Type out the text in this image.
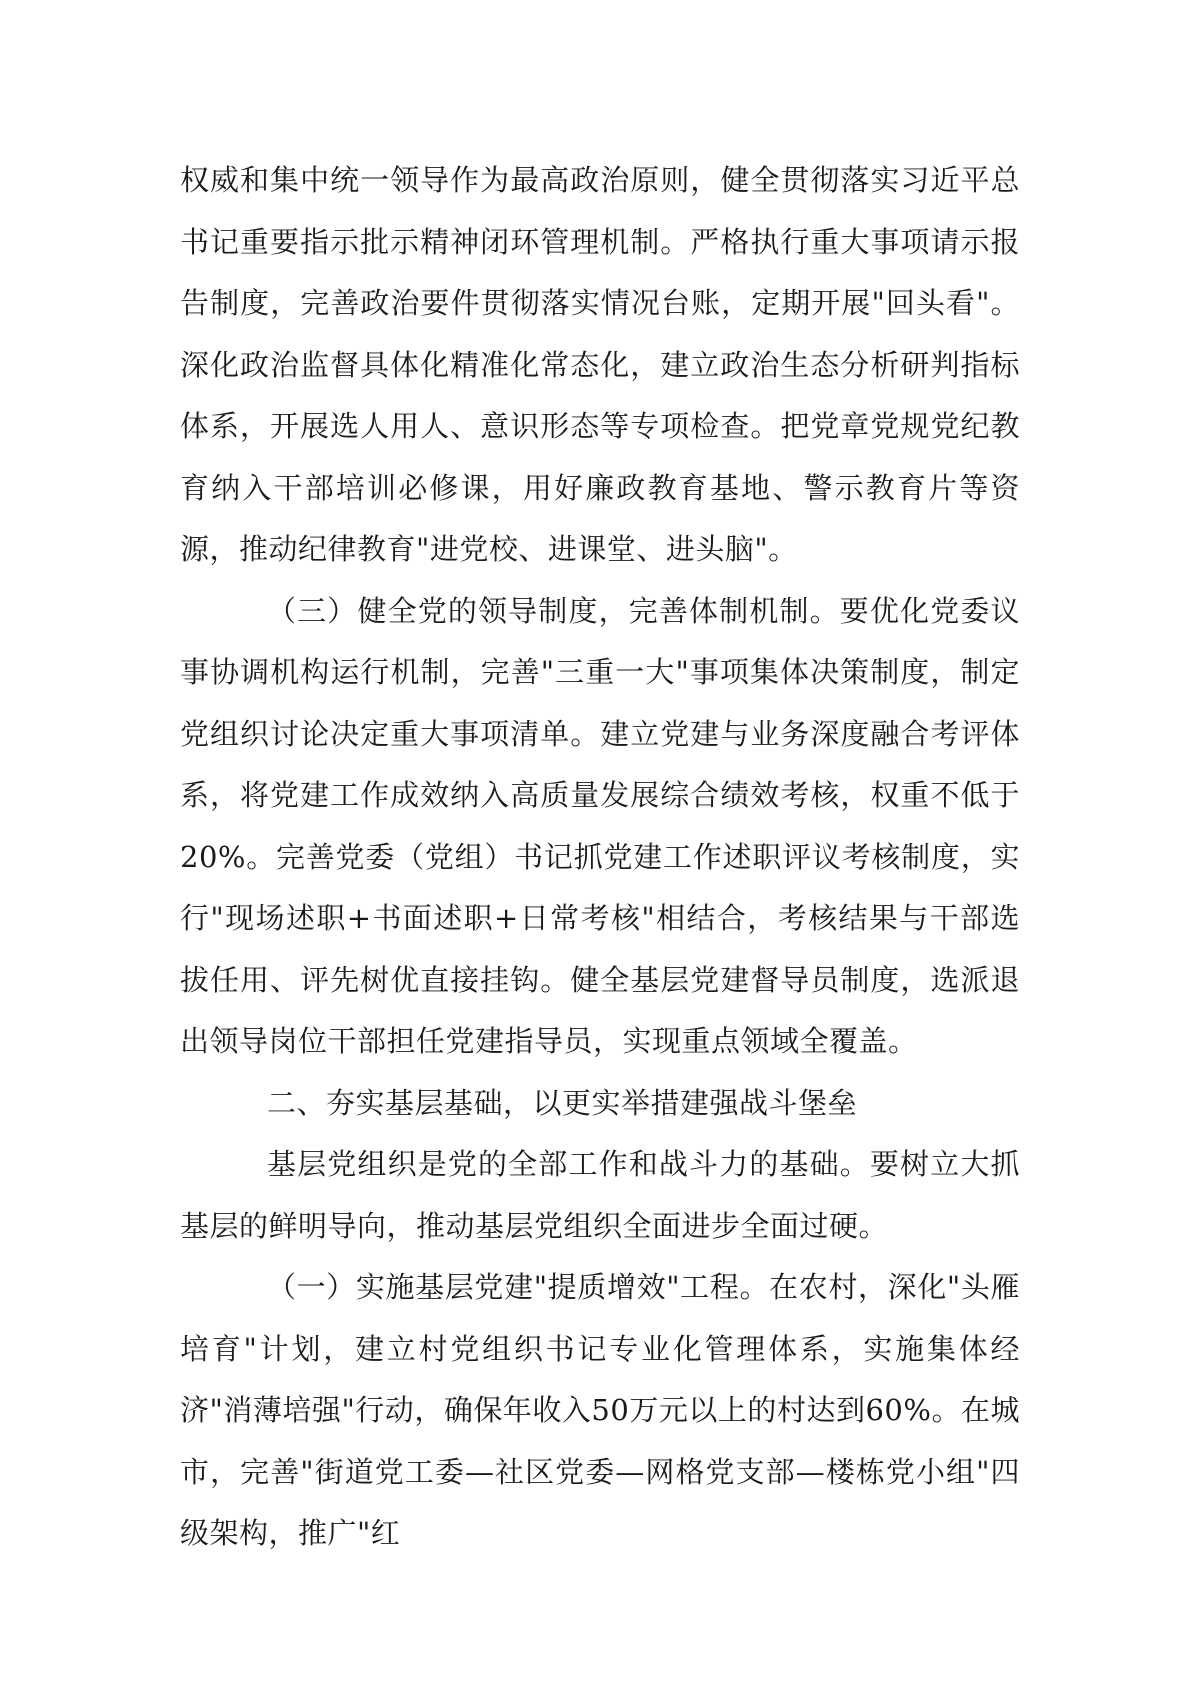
权威和集中统一领导作为最高政治原则，健全贯彻落实习近平总书记重要指示批示精神闭环管理机制。严格执行重大事项请示报告制度，完善政治要件贯彻落实情况台账，定期开展"回头看"。深化政治监督具体化精准化常态化，建立政治生态分析研判指标体系，开展选人用人、意识形态等专项检查。把党章党规党纪教育纳入干部培训必修课，用好廉政教育基地、警示教育片等资源，推动纪律教育"进党校、进课堂、进头脑"。

（三）健全党的领导制度，完善体制机制。要优化党委议事协调机构运行机制，完善"三重一大"事项集体决策制度，制定党组织讨论决定重大事项清单。建立党建与业务深度融合考评体系，将党建工作成效纳入高质量发展综合绩效考核，权重不低于20%。完善党委（党组）书记抓党建工作述职评议考核制度，实行"现场述职+书面述职+日常考核"相结合，考核结果与干部选拔任用、评先树优直接挂钩。健全基层党建督导员制度，选派退出领导岗位干部担任党建指导员，实现重点领域全覆盖。

二、夯实基层基础，以更实举措建强战斗堡垒

基层党组织是党的全部工作和战斗力的基础。要树立大抓基层的鲜明导向，推动基层党组织全面进步全面过硬。

（一）实施基层党建"提质增效"工程。在农村，深化"头雁培育"计划，建立村党组织书记专业化管理体系，实施集体经济"消薄培强"行动，确保年收入50万元以上的村达到60%。在城市，完善"街道党工委—社区党委—网格党支部—楼栋党小组"四级架构，推广"红
